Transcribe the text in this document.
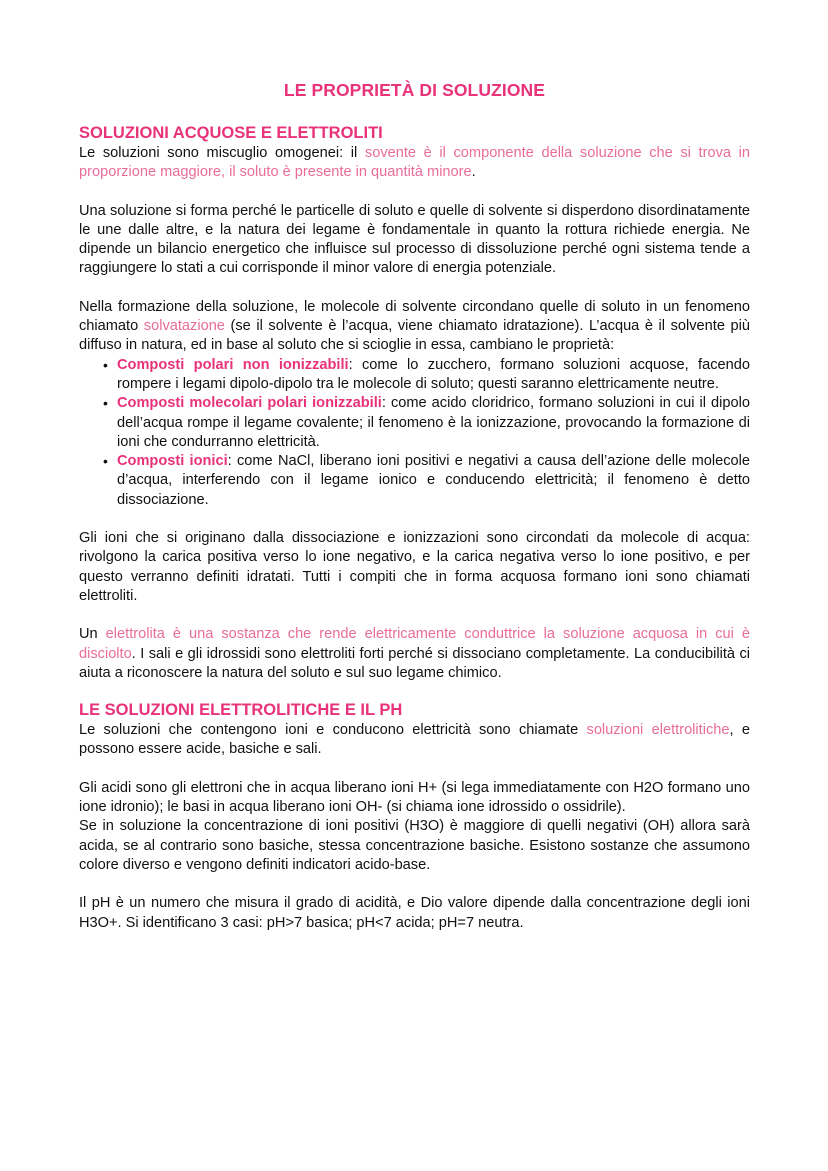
LE PROPRIETÀ DI SOLUZIONE
SOLUZIONI ACQUOSE E ELETTROLITI

Le soluzioni sono miscuglio omogenei: il sovente è il componente della soluzione che si trova in proporzione maggiore, il soluto è presente in quantità minore.

Una soluzione si forma perché le particelle di soluto e quelle di solvente si disperdono disordinatamente le une dalle altre, e la natura dei legame è fondamentale in quanto la rottura richiede energia. Ne dipende un bilancio energetico che influisce sul processo di dissoluzione perché ogni sistema tende a raggiungere lo stati a cui corrisponde il minor valore di energia potenziale.

Nella formazione della soluzione, le molecole di solvente circondano quelle di soluto in un fenomeno chiamato solvatazione (se il solvente è l’acqua, viene chiamato idratazione). L’acqua è il solvente più diffuso in natura, ed in base al soluto che si scioglie in essa, cambiano le proprietà:

• Composti polari non ionizzabili: come lo zucchero, formano soluzioni acquose, facendo rompere i legami dipolo-dipolo tra le molecole di soluto; questi saranno elettricamente neutre.
• Composti molecolari polari ionizzabili: come acido cloridrico, formano soluzioni in cui il dipolo dell’acqua rompe il legame covalente; il fenomeno è la ionizzazione, provocando la formazione di ioni che condurranno elettricità.
• Composti ionici: come NaCl, liberano ioni positivi e negativi a causa dell’azione delle molecole d’acqua, interferendo con il legame ionico e conducendo elettricità; il fenomeno è detto dissociazione.

Gli ioni che si originano dalla dissociazione e ionizzazioni sono circondati da molecole di acqua: rivolgono la carica positiva verso lo ione negativo, e la carica negativa verso lo ione positivo, e per questo verranno definiti idratati. Tutti i compiti che in forma acquosa formano ioni sono chiamati elettroliti.

Un elettrolita è una sostanza che rende elettricamente conduttrice la soluzione acquosa in cui è disciolto. I sali e gli idrossidi sono elettroliti forti perché si dissociano completamente. La conducibilità ci aiuta a riconoscere la natura del soluto e sul suo legame chimico.

LE SOLUZIONI ELETTROLITICHE E IL PH

Le soluzioni che contengono ioni e conducono elettricità sono chiamate soluzioni elettrolitiche, e possono essere acide, basiche e sali.

Gli acidi sono gli elettroni che in acqua liberano ioni H+ (si lega immediatamente con H2O formano uno ione idronio); le basi in acqua liberano ioni OH- (si chiama ione idrossido o ossidrile).

Se in soluzione la concentrazione di ioni positivi (H3O) è maggiore di quelli negativi (OH) allora sarà acida, se al contrario sono basiche, stessa concentrazione basiche. Esistono sostanze che assumono colore diverso e vengono definiti indicatori acido-base.

Il pH è un numero che misura il grado di acidità, e Dio valore dipende dalla concentrazione degli ioni H3O+. Si identificano 3 casi: pH>7 basica; pH<7 acida; pH=7 neutra.
